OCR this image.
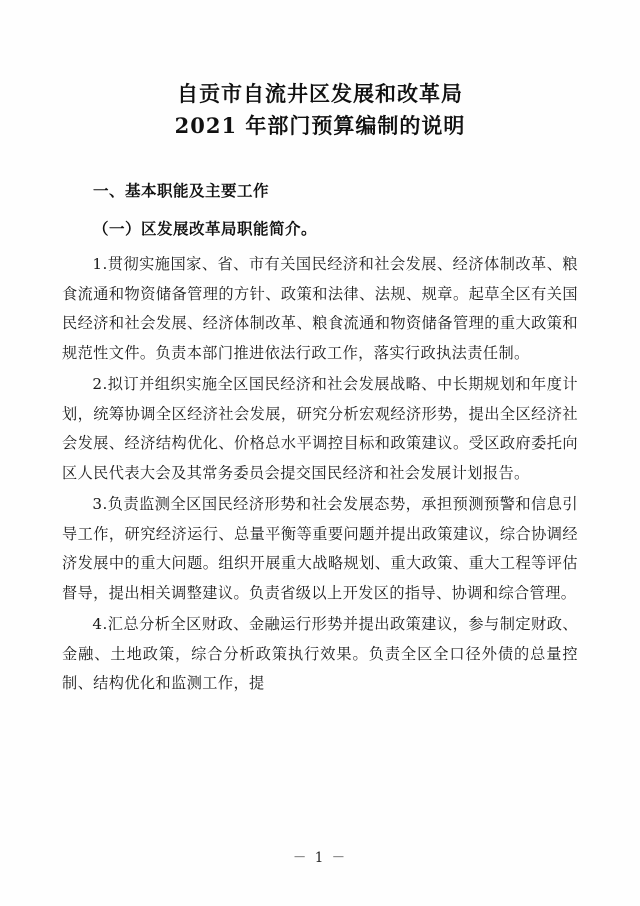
自贡市自流井区发展和改革局
2021 年部门预算编制的说明

一、基本职能及主要工作

（一）区发展改革局职能简介。

1.贯彻实施国家、省、市有关国民经济和社会发展、经济体制改革、粮食流通和物资储备管理的方针、政策和法律、法规、规章。起草全区有关国民经济和社会发展、经济体制改革、粮食流通和物资储备管理的重大政策和规范性文件。负责本部门推进依法行政工作，落实行政执法责任制。

2.拟订并组织实施全区国民经济和社会发展战略、中长期规划和年度计划，统筹协调全区经济社会发展，研究分析宏观经济形势，提出全区经济社会发展、经济结构优化、价格总水平调控目标和政策建议。受区政府委托向区人民代表大会及其常务委员会提交国民经济和社会发展计划报告。

3.负责监测全区国民经济形势和社会发展态势，承担预测预警和信息引导工作，研究经济运行、总量平衡等重要问题并提出政策建议，综合协调经济发展中的重大问题。组织开展重大战略规划、重大政策、重大工程等评估督导，提出相关调整建议。负责省级以上开发区的指导、协调和综合管理。

4.汇总分析全区财政、金融运行形势并提出政策建议，参与制定财政、金融、土地政策，综合分析政策执行效果。负责全区全口径外债的总量控制、结构优化和监测工作，提

－ 1 －
